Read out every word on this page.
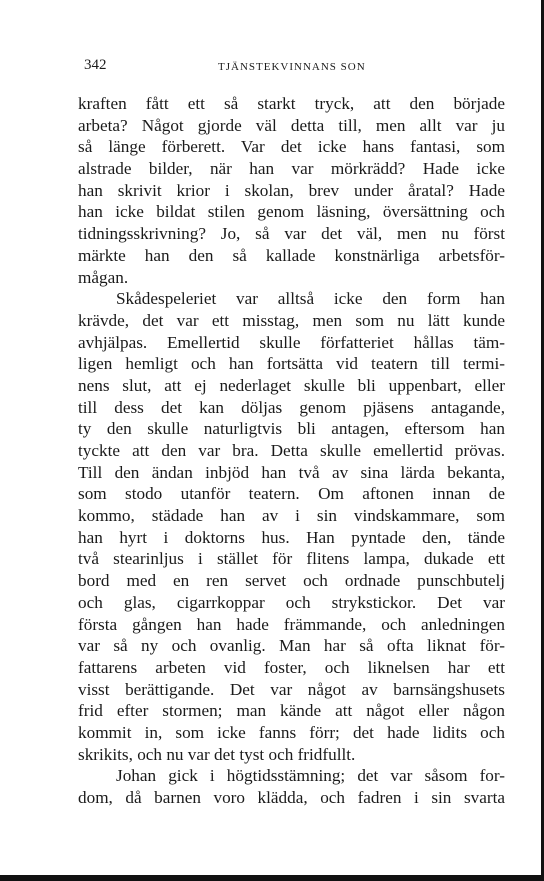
342	TJÄNSTEKVINNANS SON
kraften fått ett så starkt tryck, att den började
arbeta? Något gjorde väl detta till, men allt var ju
så länge förberett. Var det icke hans fantasi, som
alstrade bilder, när han var mörkrädd? Hade icke
han skrivit krior i skolan, brev under åratal? Hade
han icke bildat stilen genom läsning, översättning och
tidningsskrivning? Jo, så var det väl, men nu först
märkte han den så kallade konstnärliga arbetsför-
mågan.
Skådespeleriet var alltså icke den form han
krävde, det var ett misstag, men som nu lätt kunde
avhjälpas. Emellertid skulle författeriet hållas täm-
ligen hemligt och han fortsätta vid teatern till termi-
nens slut, att ej nederlaget skulle bli uppenbart, eller
till dess det kan döljas genom pjäsens antagande,
ty den skulle naturligtvis bli antagen, eftersom han
tyckte att den var bra. Detta skulle emellertid prövas.
Till den ändan inbjöd han två av sina lärda bekanta,
som stodo utanför teatern. Om aftonen innan de
kommo, städade han av i sin vindskammare, som
han hyrt i doktorns hus. Han pyntade den, tände
två stearinljus i stället för flitens lampa, dukade ett
bord med en ren servet och ordnade punschbutelj
och glas, cigarrkoppar och strykstickor. Det var
första gången han hade främmande, och anledningen
var så ny och ovanlig. Man har så ofta liknat för-
fattarens arbeten vid foster, och liknelsen har ett
visst berättigande. Det var något av barnsängshusets
frid efter stormen; man kände att något eller någon
kommit in, som icke fanns förr; det hade lidits och
skrikits, och nu var det tyst och fridfullt.
Johan gick i högtidsstämning; det var såsom for-
dom, då barnen voro klädda, och fadren i sin svarta
